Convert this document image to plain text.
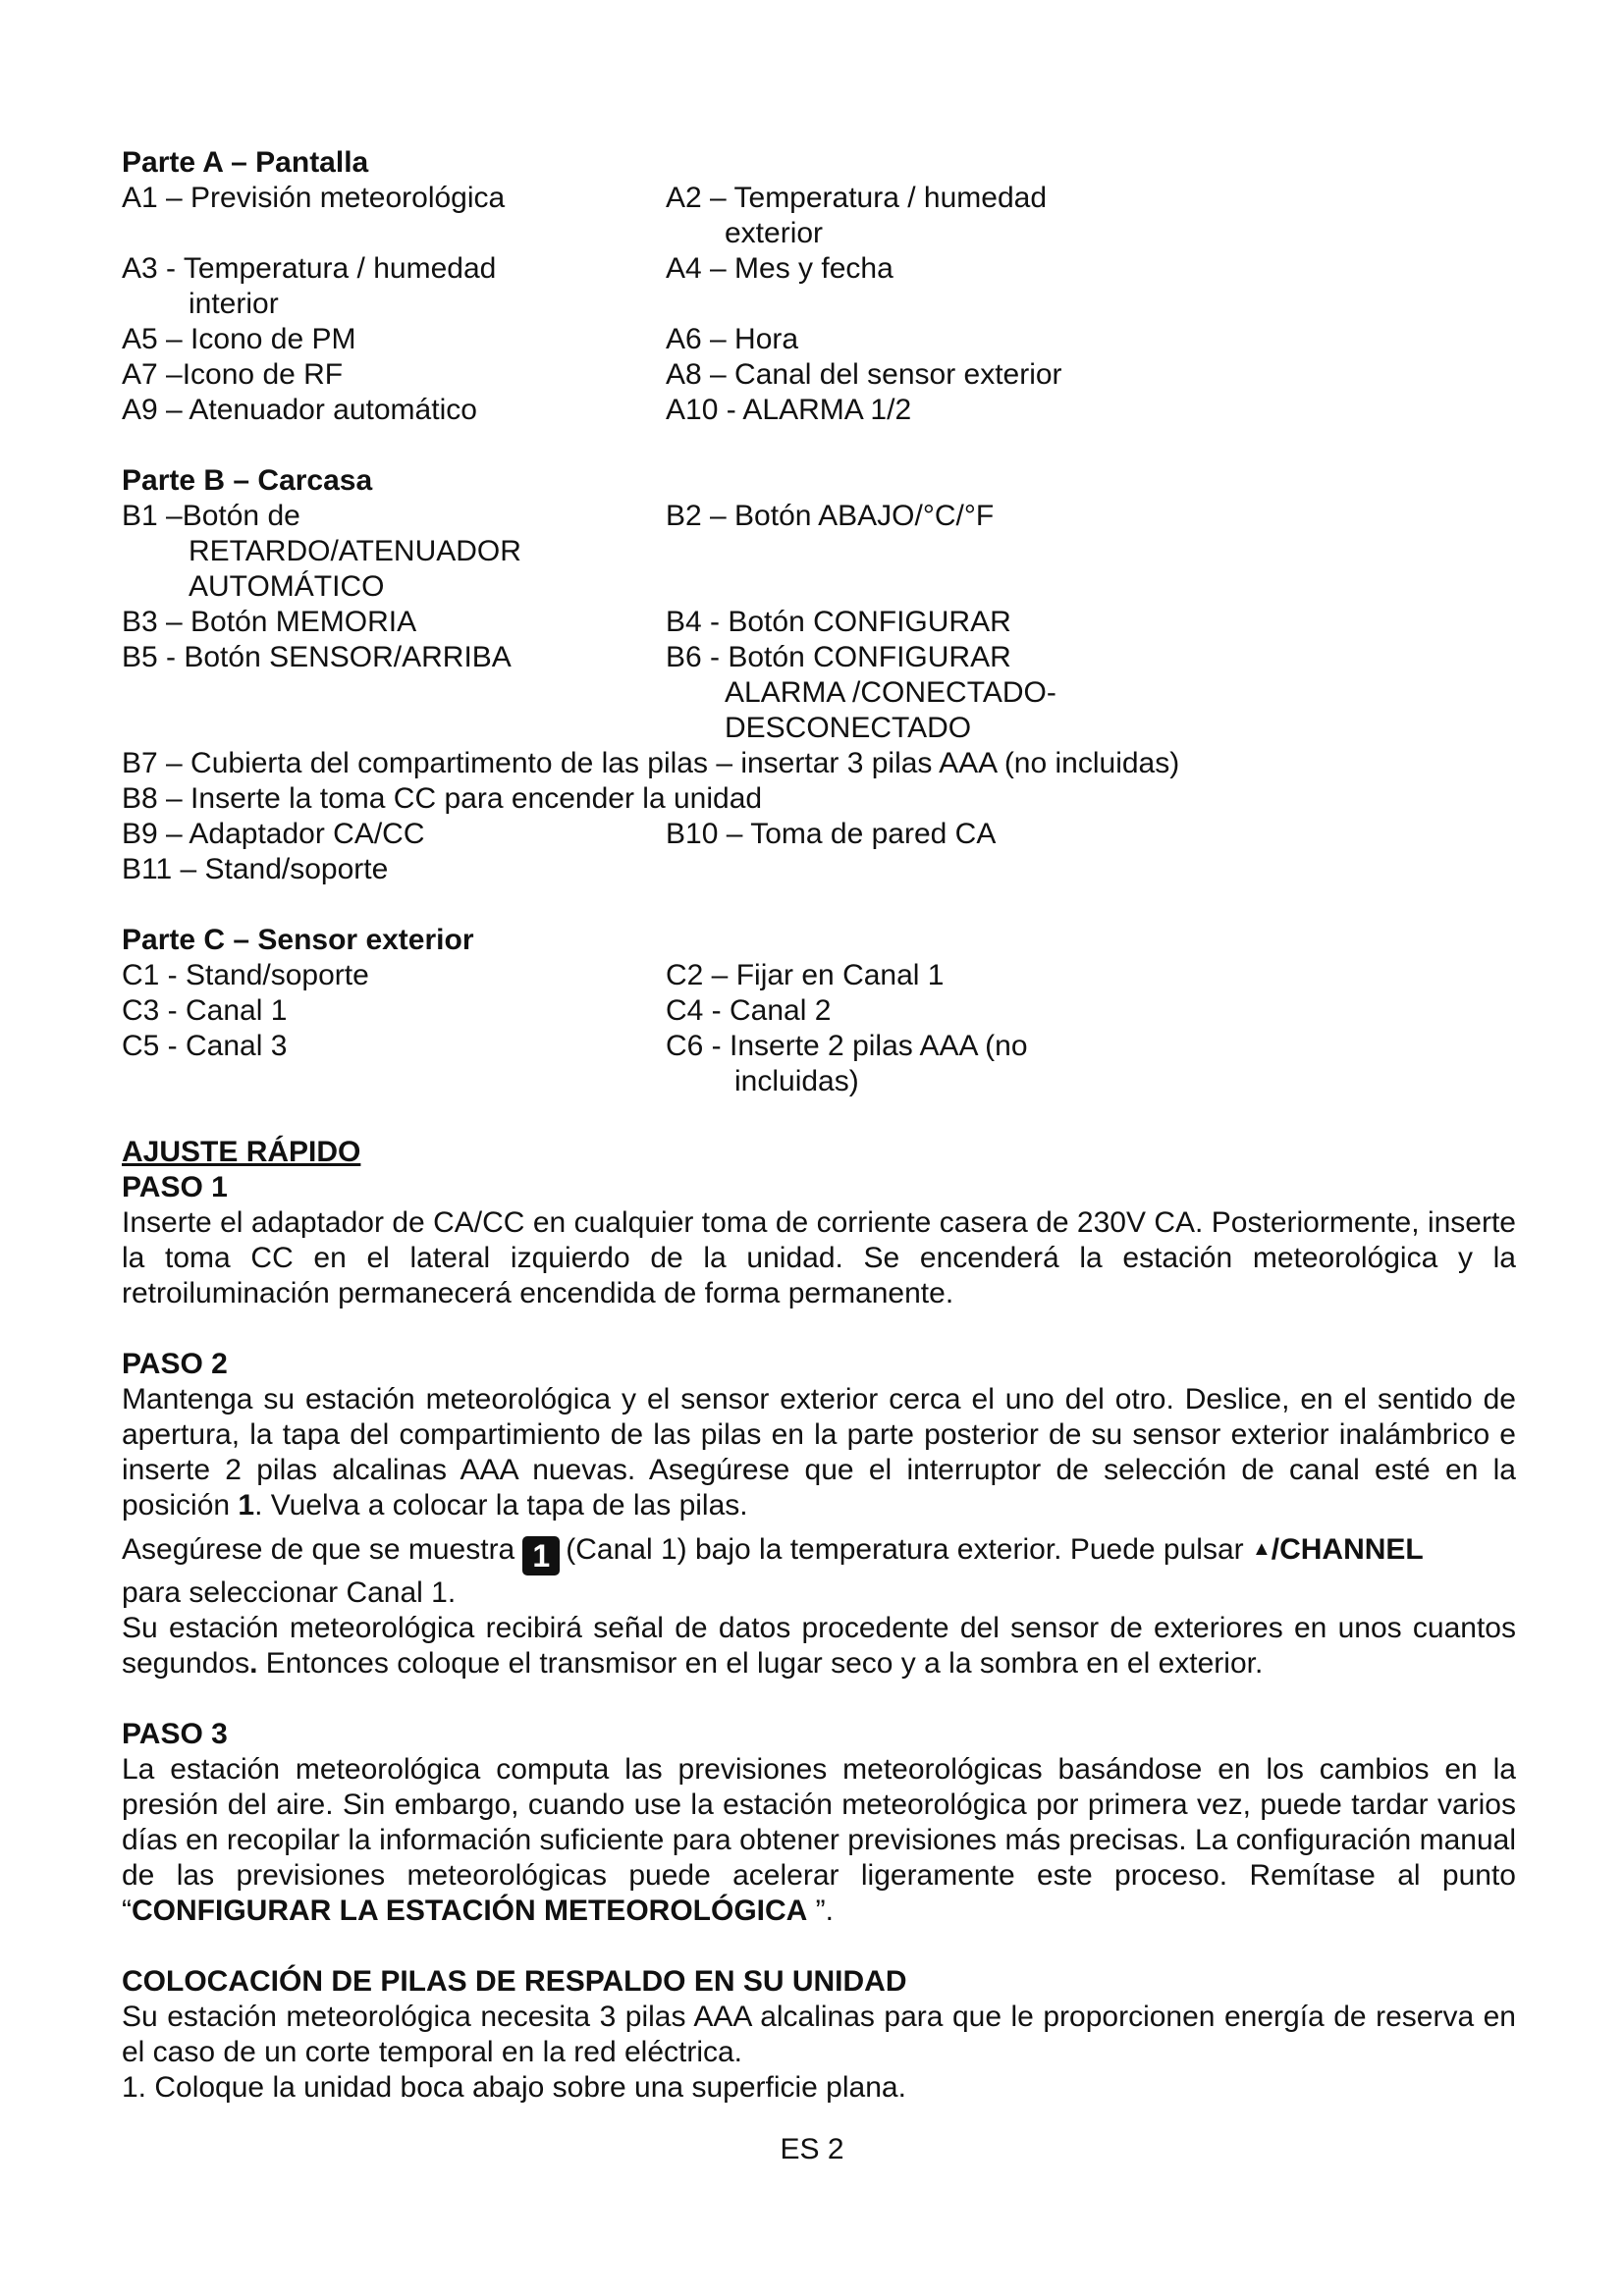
Parte A – Pantalla
A1 – Previsión meteorológica	A2 – Temperatura / humedad
exterior
A3 - Temperatura / humedad	A4 – Mes y fecha
interior
A5 – Icono de PM	A6 – Hora
A7 –Icono de RF	A8 – Canal del sensor exterior
A9 – Atenuador automático	A10 - ALARMA 1/2
Parte B – Carcasa
B1 –Botón de	B2 – Botón ABAJO/°C/°F
RETARDO/ATENUADOR
AUTOMÁTICO
B3 – Botón MEMORIA	B4 - Botón CONFIGURAR
B5 - Botón SENSOR/ARRIBA	B6 - Botón CONFIGURAR
ALARMA /CONECTADO-
DESCONECTADO
B7 – Cubierta del compartimento de las pilas – insertar 3 pilas AAA (no incluidas)
B8 – Inserte la toma CC para encender la unidad
B9 – Adaptador CA/CC	B10 – Toma de pared CA
B11 – Stand/soporte
Parte C – Sensor exterior
C1 - Stand/soporte	C2 – Fijar en Canal 1
C3 - Canal 1	C4 - Canal 2
C5 - Canal 3	C6 - Inserte 2 pilas AAA (no
incluidas)
AJUSTE RÁPIDO
PASO 1

Inserte el adaptador de CA/CC en cualquier toma de corriente casera de 230V CA. Posteriormente, inserte la toma CC en el lateral izquierdo de la unidad. Se encenderá la estación meteorológica y la retroiluminación permanecerá encendida de forma permanente.

PASO 2

Mantenga su estación meteorológica y el sensor exterior cerca el uno del otro. Deslice, en el sentido de apertura, la tapa del compartimiento de las pilas en la parte posterior de su sensor exterior inalámbrico e inserte 2 pilas alcalinas AAA nuevas. Asegúrese que el interruptor de selección de canal esté en la posición 1. Vuelva a colocar la tapa de las pilas.

Asegúrese de que se muestra 1 (Canal 1) bajo la temperatura exterior. Puede pulsar ▲/CHANNEL
para seleccionar Canal 1.

Su estación meteorológica recibirá señal de datos procedente del sensor de exteriores en unos cuantos segundos. Entonces coloque el transmisor en el lugar seco y a la sombra en el exterior.

PASO 3

La estación meteorológica computa las previsiones meteorológicas basándose en los cambios en la presión del aire. Sin embargo, cuando use la estación meteorológica por primera vez, puede tardar varios días en recopilar la información suficiente para obtener previsiones más precisas. La configuración manual de las previsiones meteorológicas puede acelerar ligeramente este proceso. Remítase al punto “CONFIGURAR LA ESTACIÓN METEOROLÓGICA ”.

COLOCACIÓN DE PILAS DE RESPALDO EN SU UNIDAD

Su estación meteorológica necesita 3 pilas AAA alcalinas para que le proporcionen energía de reserva en el caso de un corte temporal en la red eléctrica.

1. Coloque la unidad boca abajo sobre una superficie plana.

ES 2
